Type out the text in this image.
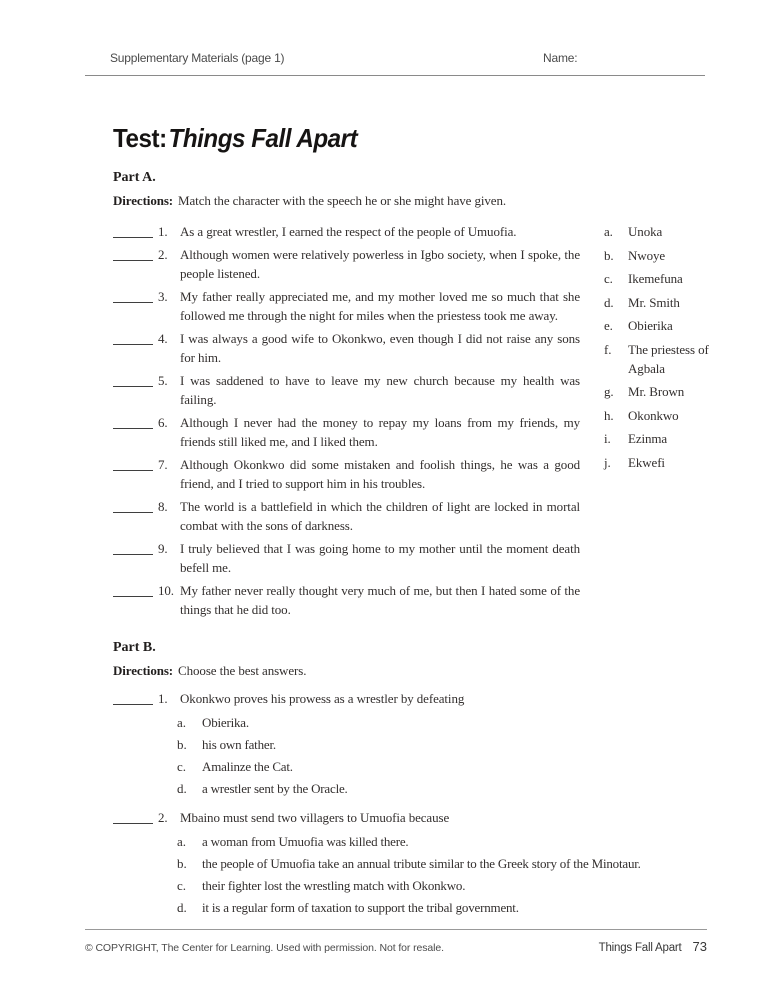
Supplementary Materials (page 1)	Name:
Test:Things Fall Apart
Part A.

Directions: Match the character with the speech he or she might have given.

1. As a great wrestler, I earned the respect of the people of Umuofia.
2. Although women were relatively powerless in Igbo society, when I spoke, the people listened.
3. My father really appreciated me, and my mother loved me so much that she followed me through the night for miles when the priestess took me away.
4. I was always a good wife to Okonkwo, even though I did not raise any sons for him.
5. I was saddened to have to leave my new church because my health was failing.
6. Although I never had the money to repay my loans from my friends, my friends still liked me, and I liked them.
7. Although Okonkwo did some mistaken and foolish things, he was a good friend, and I tried to support him in his troubles.
8. The world is a battlefield in which the children of light are locked in mortal combat with the sons of darkness.
9. I truly believed that I was going home to my mother until the moment death befell me.
10. My father never really thought very much of me, but then I hated some of the things that he did too.
a.	Unoka
b.	Nwoye
c.	Ikemefuna
d.	Mr. Smith
e.	Obierika
f.	The priestess of Agbala
g.	Mr. Brown
h.	Okonkwo
i.	Ezinma
j.	Ekwefi
Part B.

Directions: Choose the best answers.

1. Okonkwo proves his prowess as a wrestler by defeating
a.	Obierika.
b.	his own father.
c.	Amalinze the Cat.
d.	a wrestler sent by the Oracle.
2. Mbaino must send two villagers to Umuofia because
a.	a woman from Umuofia was killed there.
b.	the people of Umuofia take an annual tribute similar to the Greek story of the Minotaur.
c.	their fighter lost the wrestling match with Okonkwo.
d.	it is a regular form of taxation to support the tribal government.
© COPYRIGHT, The Center for Learning. Used with permission. Not for resale.	Things Fall Apart 73
